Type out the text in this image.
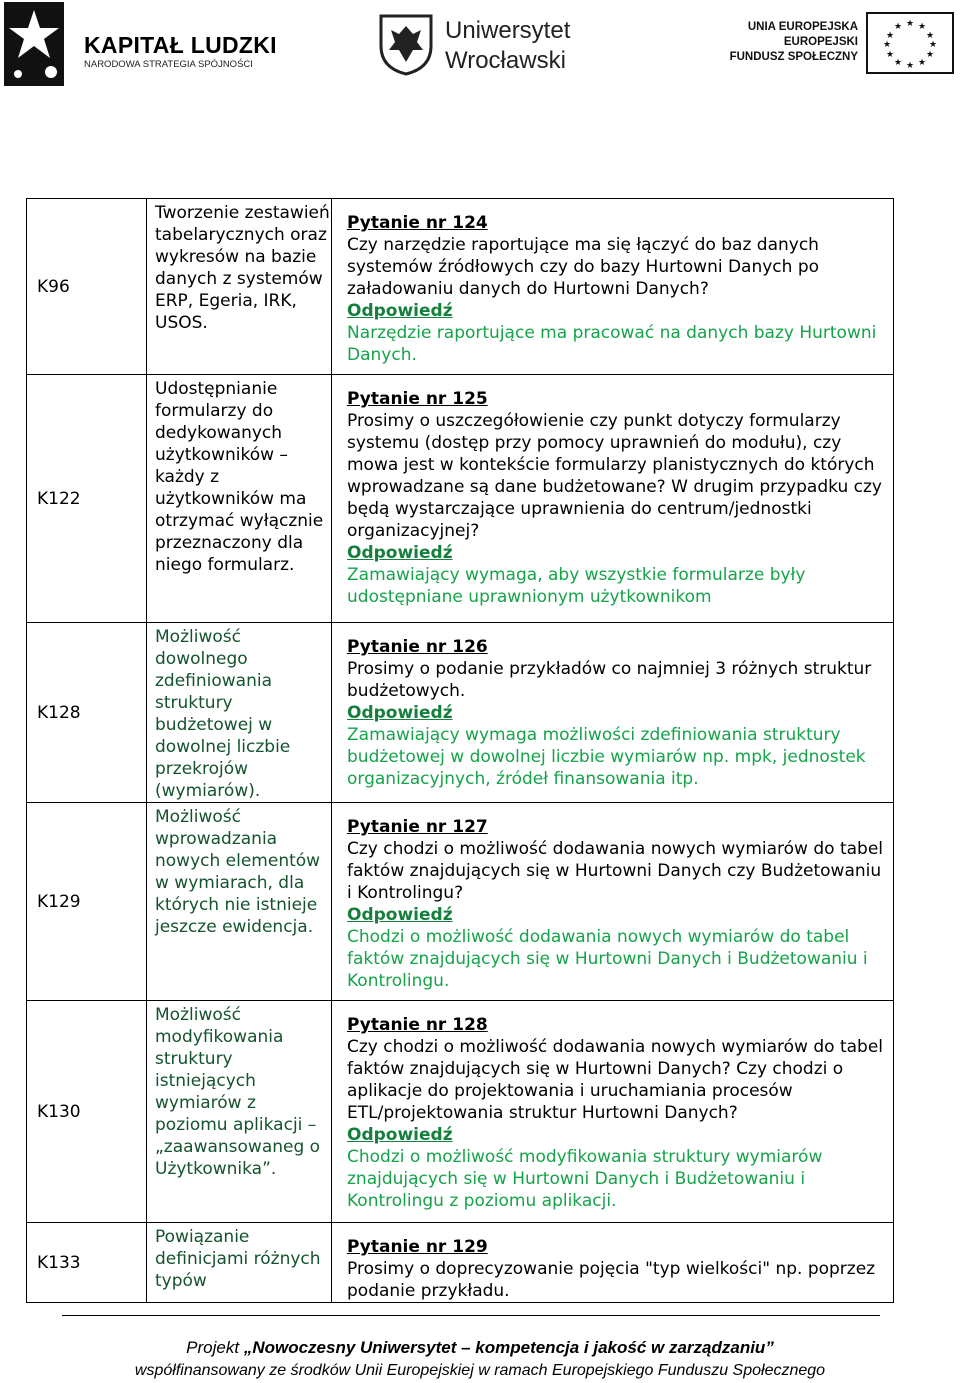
KAPITAŁ LUDZKI
NARODOWA STRATEGIA SPÓJNOŚCI
Uniwersytet
Wrocławski
UNIA EUROPEJSKA
EUROPEJSKI
FUNDUSZ SPOŁECZNY
★ ★
★
★
★
★
★
★
★
★
★
★
K96	Tworzenie zestawień tabelarycznych oraz wykresów na bazie danych z systemów ERP, Egeria, IRK, USOS.	Pytanie nr 124
Czy narzędzie raportujące ma się łączyć do baz danych systemów źródłowych czy do bazy Hurtowni Danych po załadowaniu danych do Hurtowni Danych?
Odpowiedź
Narzędzie raportujące ma pracować na danych bazy Hurtowni Danych.

K122	Udostępnianie formularzy do dedykowanych użytkowników – każdy z użytkowników ma otrzymać wyłącznie przeznaczony dla niego formularz.	Pytanie nr 125
Prosimy o uszczegółowienie czy punkt dotyczy formularzy systemu (dostęp przy pomocy uprawnień do modułu), czy mowa jest w kontekście formularzy planistycznych do których wprowadzane są dane budżetowane? W drugim przypadku czy będą wystarczające uprawnienia do centrum/jednostki organizacyjnej?
Odpowiedź
Zamawiający wymaga, aby wszystkie formularze były udostępniane uprawnionym użytkownikom

K128	Możliwość dowolnego zdefiniowania struktury budżetowej w dowolnej liczbie przekrojów (wymiarów).	Pytanie nr 126
Prosimy o podanie przykładów co najmniej 3 różnych struktur budżetowych.
Odpowiedź
Zamawiający wymaga możliwości zdefiniowania struktury budżetowej w dowolnej liczbie wymiarów np. mpk, jednostek organizacyjnych, źródeł finansowania itp.

K129	Możliwość wprowadzania nowych elementów w wymiarach, dla których nie istnieje jeszcze ewidencja.	Pytanie nr 127
Czy chodzi o możliwość dodawania nowych wymiarów do tabel faktów znajdujących się w Hurtowni Danych czy Budżetowaniu i Kontrolingu?
Odpowiedź
Chodzi o możliwość dodawania nowych wymiarów do tabel faktów znajdujących się w Hurtowni Danych i Budżetowaniu i Kontrolingu.

K130	Możliwość modyfikowania struktury istniejących wymiarów z poziomu aplikacji – „zaawansowaneg o Użytkownika”.	Pytanie nr 128
Czy chodzi o możliwość dodawania nowych wymiarów do tabel faktów znajdujących się w Hurtowni Danych? Czy chodzi o aplikacje do projektowania i uruchamiania procesów ETL/projektowania struktur Hurtowni Danych?
Odpowiedź
Chodzi o możliwość modyfikowania struktury wymiarów znajdujących się w Hurtowni Danych i Budżetowaniu i Kontrolingu z poziomu aplikacji.

K133	Powiązanie definicjami różnych typów	Pytanie nr 129
Prosimy o doprecyzowanie pojęcia "typ wielkości" np. poprzez podanie przykładu.
Projekt „Nowoczesny Uniwersytet – kompetencja i jakość w zarządzaniu”
współfinansowany ze środków Unii Europejskiej w ramach Europejskiego Funduszu Społecznego
